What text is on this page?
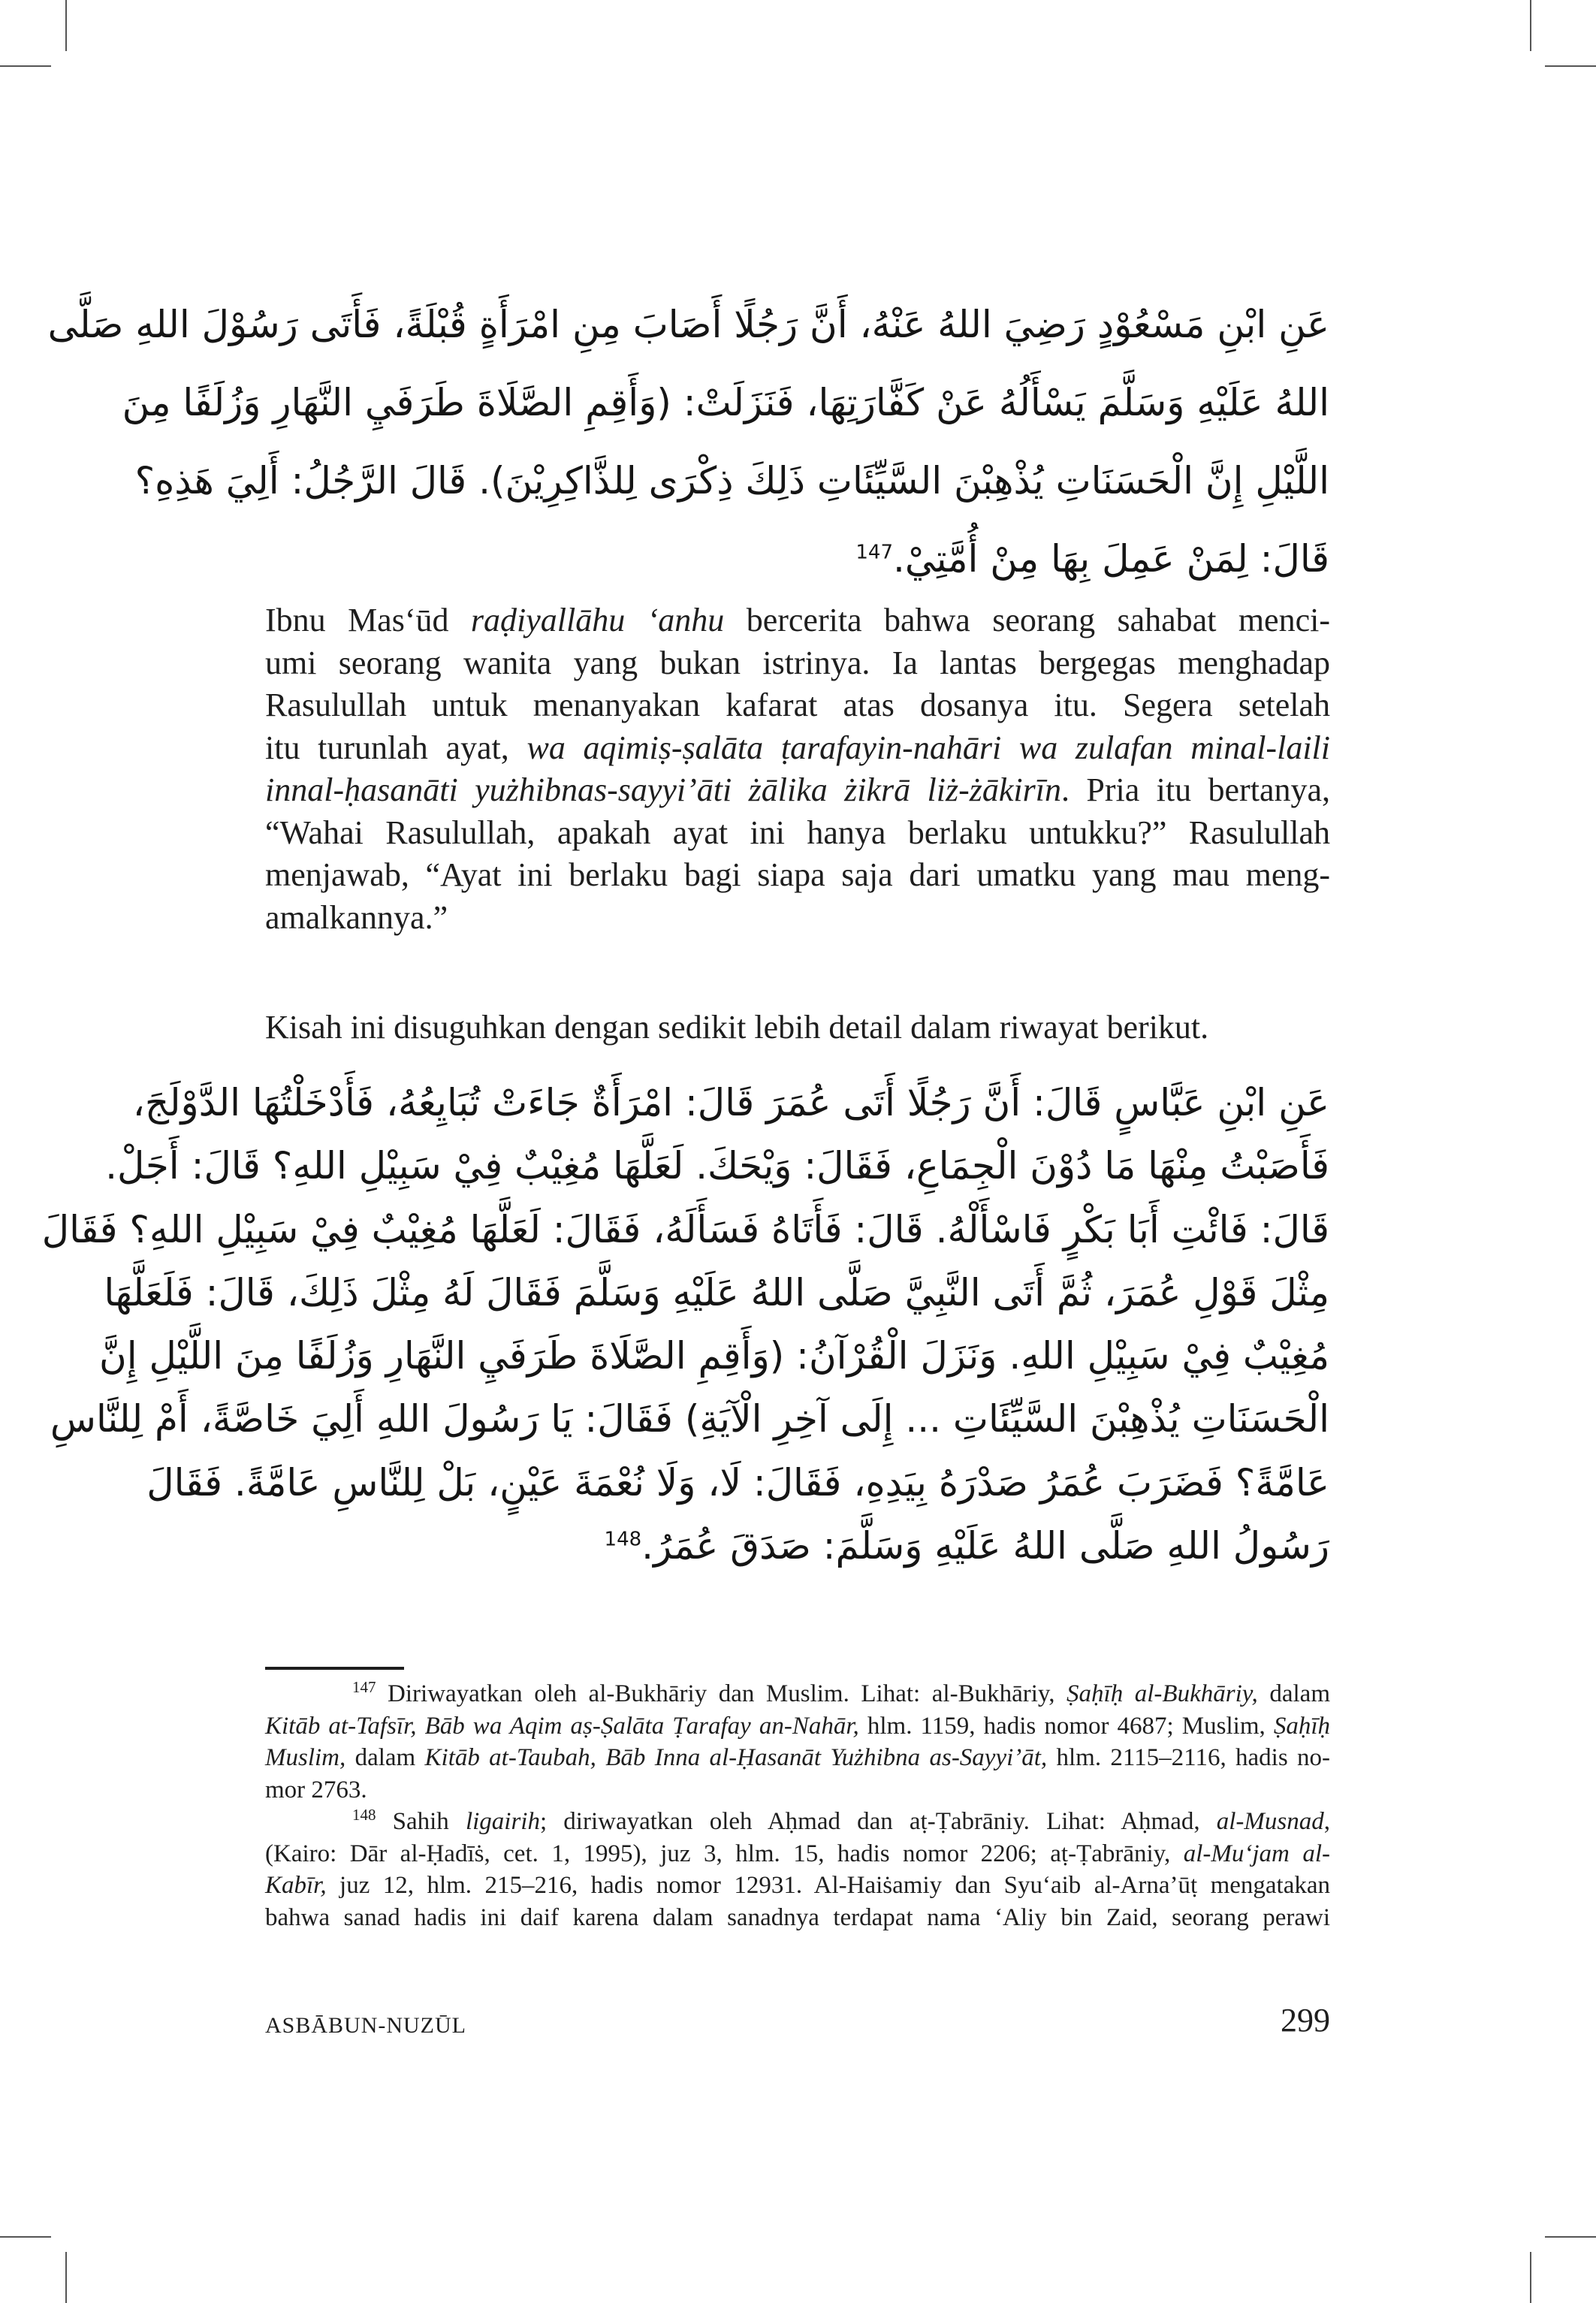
عَنِ ابْنِ مَسْعُوْدٍ رَضِيَ اللهُ عَنْهُ، أَنَّ رَجُلًا أَصَابَ مِنِ امْرَأَةٍ قُبْلَةً، فَأَتَى رَسُوْلَ اللهِ صَلَّى
اللهُ عَلَيْهِ وَسَلَّمَ يَسْأَلُهُ عَنْ كَفَّارَتِهَا، فَنَزَلَتْ: (وَأَقِمِ الصَّلَاةَ طَرَفَيِ النَّهَارِ وَزُلَفًا مِنَ
اللَّيْلِ إِنَّ الْحَسَنَاتِ يُذْهِبْنَ السَّيِّئَاتِ ذَلِكَ ذِكْرَى لِلذَّاكِرِيْنَ). قَالَ الرَّجُلُ: أَلِيَ هَذِهِ؟
قَالَ: لِمَنْ عَمِلَ بِهَا مِنْ أُمَّتِيْ.$^{147}$
Ibnu Mas‘ūd raḍiyallāhu ‘anhu bercerita bahwa seorang sahabat menci-
umi seorang wanita yang bukan istrinya. Ia lantas bergegas menghadap
Rasulullah untuk menanyakan kafarat atas dosanya itu. Segera setelah
itu turunlah ayat, wa aqimiṣ-ṣalāta ṭarafayin-nahāri wa zulafan minal-laili
innal-ḥasanāti yużhibnas-sayyi’āti żālika żikrā liż-żākirīn. Pria itu bertanya,
“Wahai Rasulullah, apakah ayat ini hanya berlaku untukku?” Rasulullah
menjawab, “Ayat ini berlaku bagi siapa saja dari umatku yang mau meng-
amalkannya.”
Kisah ini disuguhkan dengan sedikit lebih detail dalam riwayat berikut.
عَنِ ابْنِ عَبَّاسٍ قَالَ: أَنَّ رَجُلًا أَتَى عُمَرَ قَالَ: امْرَأَةٌ جَاءَتْ تُبَايِعُهُ، فَأَدْخَلْتُهَا الدَّوْلَجَ،
فَأَصَبْتُ مِنْهَا مَا دُوْنَ الْجِمَاعِ، فَقَالَ: وَيْحَكَ. لَعَلَّهَا مُغِيْبٌ فِيْ سَبِيْلِ اللهِ؟ قَالَ: أَجَلْ.
قَالَ: فَائْتِ أَبَا بَكْرٍ فَاسْأَلْهُ. قَالَ: فَأَتَاهُ فَسَأَلَهُ، فَقَالَ: لَعَلَّهَا مُغِيْبٌ فِيْ سَبِيْلِ اللهِ؟ فَقَالَ
مِثْلَ قَوْلِ عُمَرَ، ثُمَّ أَتَى النَّبِيَّ صَلَّى اللهُ عَلَيْهِ وَسَلَّمَ فَقَالَ لَهُ مِثْلَ ذَلِكَ، قَالَ: فَلَعَلَّهَا
مُغِيْبٌ فِيْ سَبِيْلِ اللهِ. وَنَزَلَ الْقُرْآنُ: (وَأَقِمِ الصَّلَاةَ طَرَفَيِ النَّهَارِ وَزُلَفًا مِنَ اللَّيْلِ إِنَّ
الْحَسَنَاتِ يُذْهِبْنَ السَّيِّئَاتِ ... إِلَى آخِرِ الْآيَةِ) فَقَالَ: يَا رَسُولَ اللهِ أَلِيَ خَاصَّةً، أَمْ لِلنَّاسِ
عَامَّةً؟ فَضَرَبَ عُمَرُ صَدْرَهُ بِيَدِهِ، فَقَالَ: لَا، وَلَا نُعْمَةَ عَيْنٍ، بَلْ لِلنَّاسِ عَامَّةً. فَقَالَ
رَسُولُ اللهِ صَلَّى اللهُ عَلَيْهِ وَسَلَّمَ: صَدَقَ عُمَرُ.$^{148}$
$^{147}$ Diriwayatkan oleh al-Bukhāriy dan Muslim. Lihat: al-Bukhāriy, Ṣaḥīḥ al-Bukhāriy, dalam
Kitāb at-Tafsīr, Bāb wa Aqim aṣ-Ṣalāta Ṭarafay an-Nahār, hlm. 1159, hadis nomor 4687; Muslim, Ṣaḥīḥ
Muslim, dalam Kitāb at-Taubah, Bāb Inna al-Ḥasanāt Yużhibna as-Sayyi’āt, hlm. 2115–2116, hadis no-
mor 2763.
$^{148}$ Sahih ligairih; diriwayatkan oleh Aḥmad dan aṭ-Ṭabrāniy. Lihat: Aḥmad, al-Musnad,
(Kairo: Dār al-Ḥadīṡ, cet. 1, 1995), juz 3, hlm. 15, hadis nomor 2206; aṭ-Ṭabrāniy, al-Mu‘jam al-
Kabīr, juz 12, hlm. 215–216, hadis nomor 12931. Al-Haiṡamiy dan Syu‘aib al-Arna’ūṭ mengatakan
bahwa sanad hadis ini daif karena dalam sanadnya terdapat nama ‘Aliy bin Zaid, seorang perawi
ASBĀBUN-NUZŪL	299
